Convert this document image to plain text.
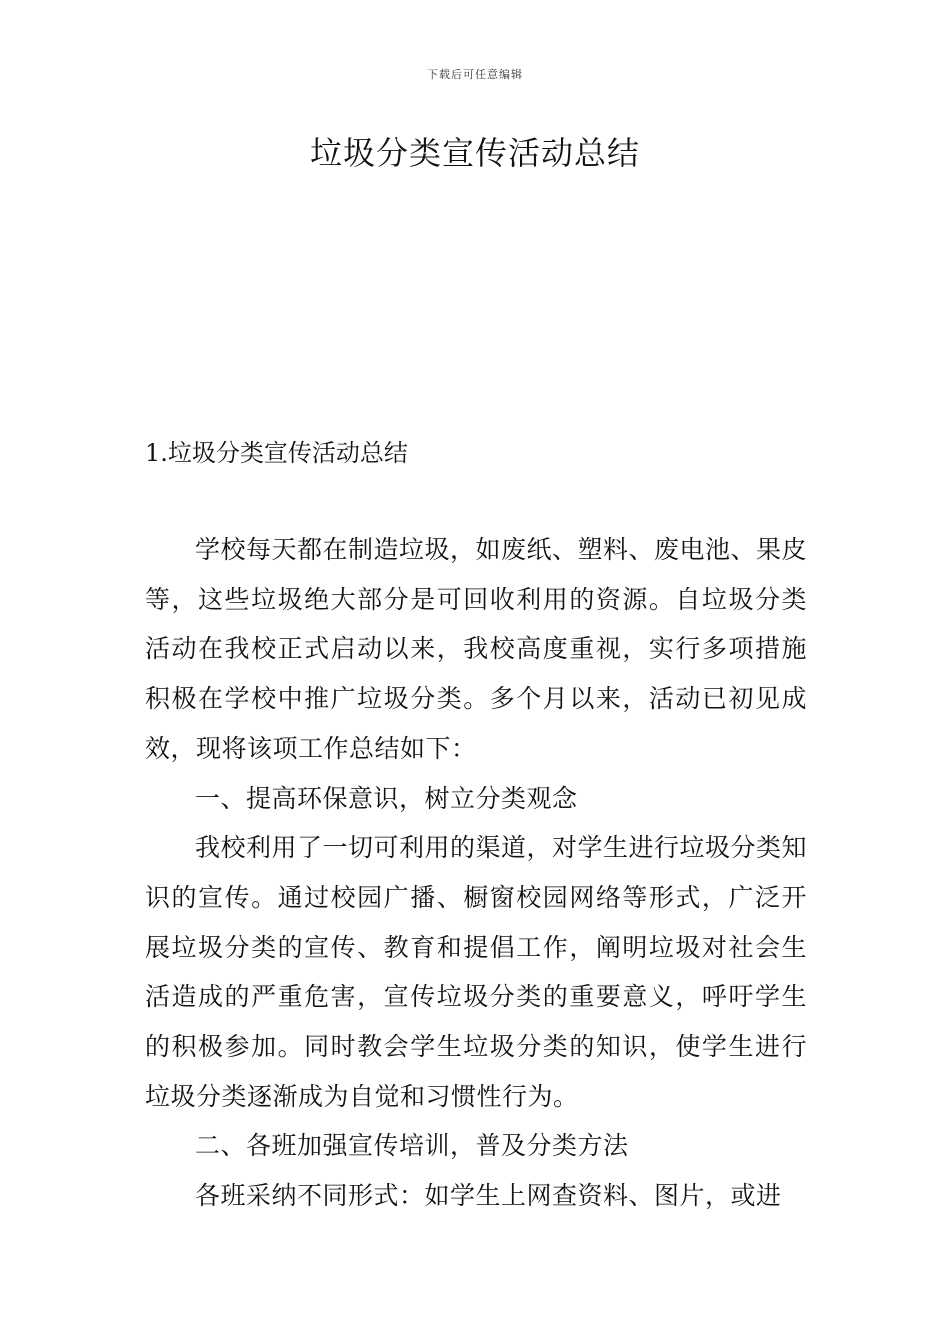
下载后可任意编辑
垃圾分类宣传活动总结
1.垃圾分类宣传活动总结

学校每天都在制造垃圾，如废纸、塑料、废电池、果皮等，这些垃圾绝大部分是可回收利用的资源。自垃圾分类活动在我校正式启动以来，我校高度重视，实行多项措施积极在学校中推广垃圾分类。多个月以来，活动已初见成效，现将该项工作总结如下：

一、提高环保意识，树立分类观念

我校利用了一切可利用的渠道，对学生进行垃圾分类知识的宣传。通过校园广播、橱窗校园网络等形式，广泛开展垃圾分类的宣传、教育和提倡工作，阐明垃圾对社会生活造成的严重危害，宣传垃圾分类的重要意义，呼吁学生的积极参加。同时教会学生垃圾分类的知识，使学生进行垃圾分类逐渐成为自觉和习惯性行为。

二、各班加强宣传培训，普及分类方法

各班采纳不同形式：如学生上网查资料、图片，或进
